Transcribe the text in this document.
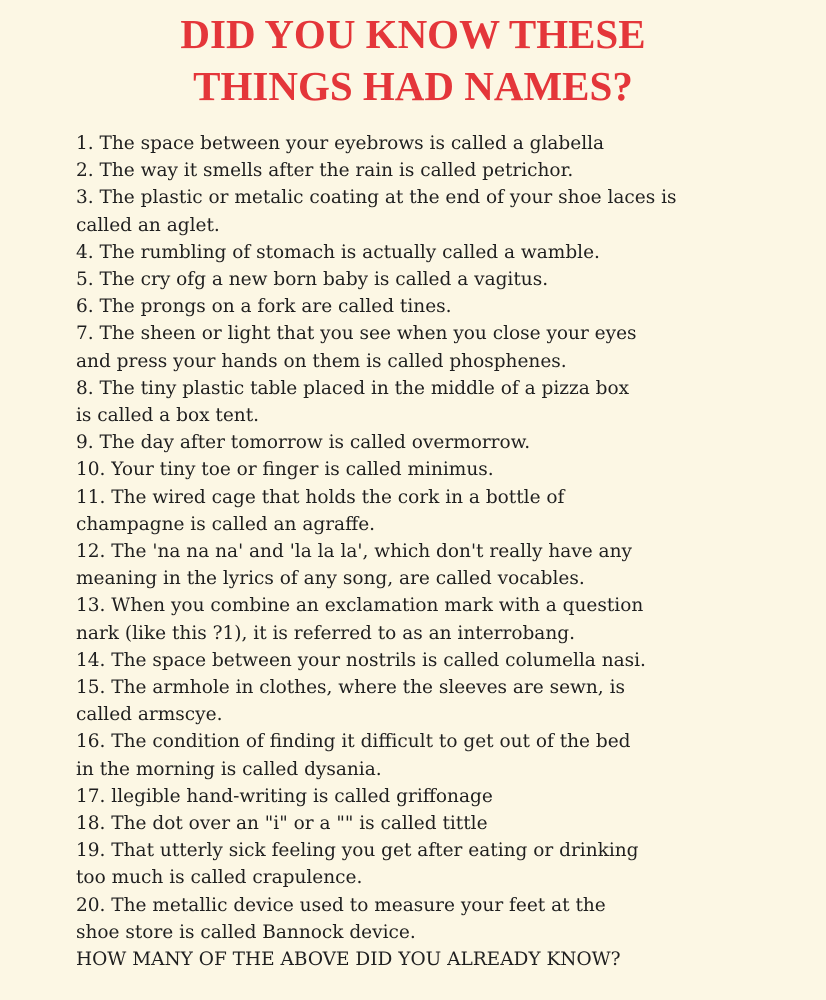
DID YOU KNOW THESE
THINGS HAD NAMES?
1. The space between your eyebrows is called a glabella
2. The way it smells after the rain is called petrichor.
3. The plastic or metalic coating at the end of your shoe laces is
called an aglet.
4. The rumbling of stomach is actually called a wamble.
5. The cry ofg a new born baby is called a vagitus.
6. The prongs on a fork are called tines.
7. The sheen or light that you see when you close your eyes
and press your hands on them is called phosphenes.
8. The tiny plastic table placed in the middle of a pizza box
is called a box tent.
9. The day after tomorrow is called overmorrow.
10. Your tiny toe or finger is called minimus.
11. The wired cage that holds the cork in a bottle of
champagne is called an agraffe.
12. The 'na na na' and 'la la la', which don't really have any
meaning in the lyrics of any song, are called vocables.
13. When you combine an exclamation mark with a question
nark (like this ?1), it is referred to as an interrobang.
14. The space between your nostrils is called columella nasi.
15. The armhole in clothes, where the sleeves are sewn, is
called armscye.
16. The condition of finding it difficult to get out of the bed
in the morning is called dysania.
17. llegible hand-writing is called griffonage
18. The dot over an "i" or a "" is called tittle
19. That utterly sick feeling you get after eating or drinking
too much is called crapulence.
20. The metallic device used to measure your feet at the
shoe store is called Bannock device.
HOW MANY OF THE ABOVE DID YOU ALREADY KNOW?
